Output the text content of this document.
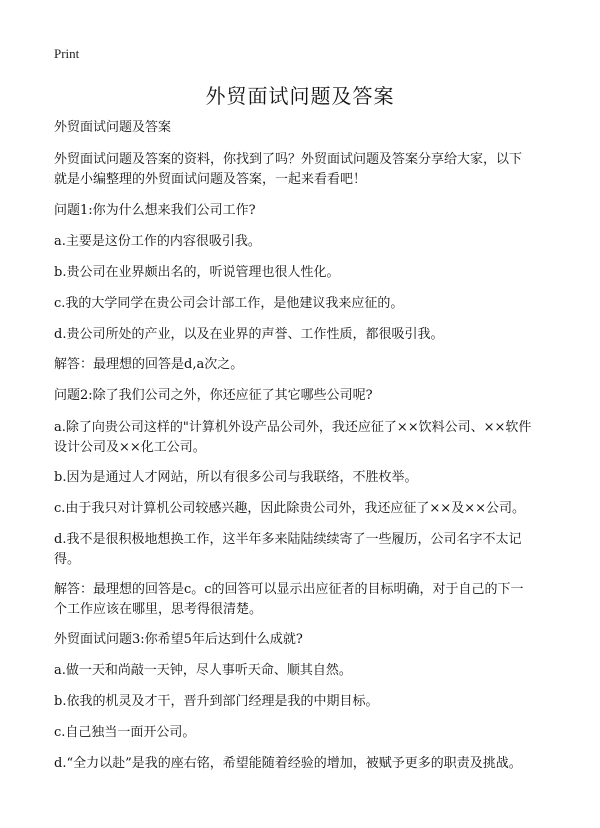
Print
外贸面试问题及答案
外贸面试问题及答案
外贸面试问题及答案的资料，你找到了吗？外贸面试问题及答案分享给大家，以下
就是小编整理的外贸面试问题及答案，一起来看看吧！
问题1:你为什么想来我们公司工作?
a.主要是这份工作的内容很吸引我。
b.贵公司在业界颇出名的，听说管理也很人性化。
c.我的大学同学在贵公司会计部工作，是他建议我来应征的。
d.贵公司所处的产业，以及在业界的声誉、工作性质，都很吸引我。
解答：最理想的回答是d,a次之。
问题2:除了我们公司之外，你还应征了其它哪些公司呢?
a.除了向贵公司这样的"计算机外设产品公司外，我还应征了××饮料公司、××软件
设计公司及××化工公司。
b.因为是通过人才网站，所以有很多公司与我联络，不胜枚举。
c.由于我只对计算机公司较感兴趣，因此除贵公司外，我还应征了××及××公司。
d.我不是很积极地想换工作，这半年多来陆陆续续寄了一些履历，公司名字不太记
得。
解答：最理想的回答是c。c的回答可以显示出应征者的目标明确，对于自己的下一
个工作应该在哪里，思考得很清楚。
外贸面试问题3:你希望5年后达到什么成就?
a.做一天和尚敲一天钟，尽人事听天命、顺其自然。
b.依我的机灵及才干，晋升到部门经理是我的中期目标。
c.自己独当一面开公司。
d.“全力以赴”是我的座右铭，希望能随着经验的增加，被赋予更多的职责及挑战。
